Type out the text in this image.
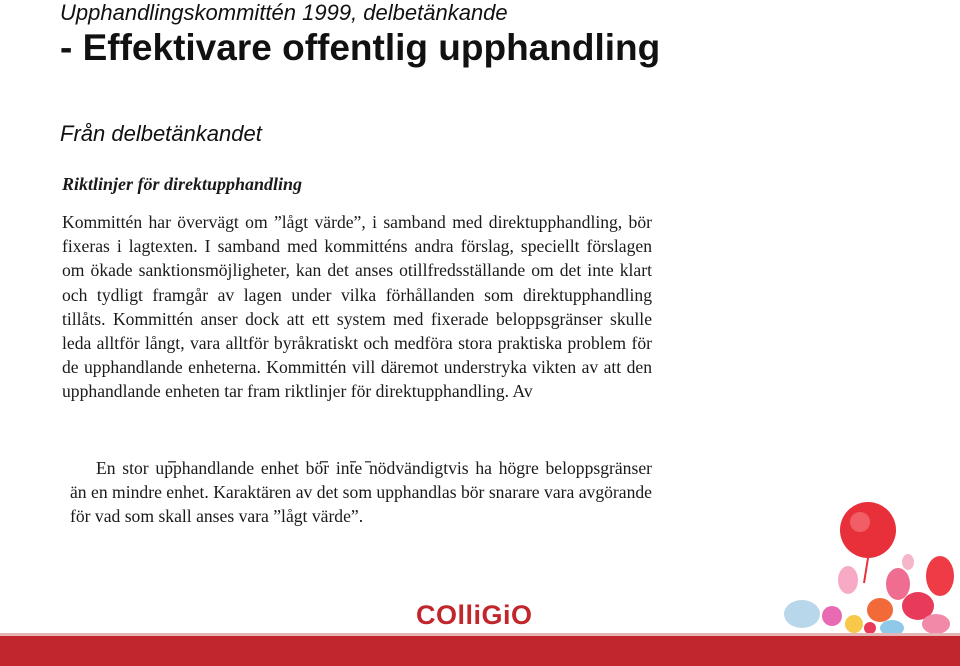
Upphandlingskommittén 1999, delbetänkande
- Effektivare offentlig upphandling
Från delbetänkandet
Riktlinjer för direktupphandling

Kommittén har övervägt om ”lågt värde”, i samband med direktupphandling, bör fixeras i lagtexten. I samband med kommitténs andra förslag, speciellt förslagen om ökade sanktionsmöjligheter, kan det anses otillfredsställande om det inte klart och tydligt framgår av lagen under vilka förhållanden som direktupphandling tillåts. Kommittén anser dock att ett system med fixerade beloppsgränser skulle leda alltför långt, vara alltför byråkratiskt och medföra stora praktiska problem för de upphandlande enheterna. Kommittén vill däremot understryka vikten av att den upphandlande enheten tar fram riktlinjer för direktupphandling. Av

En stor upphandlande enhet bör inte nödvändigtvis ha högre beloppsgränser än en mindre enhet. Karaktären av det som upphandlas bör snarare vara avgörande för vad som skall anses vara ”lågt värde”.

COlliGiO
